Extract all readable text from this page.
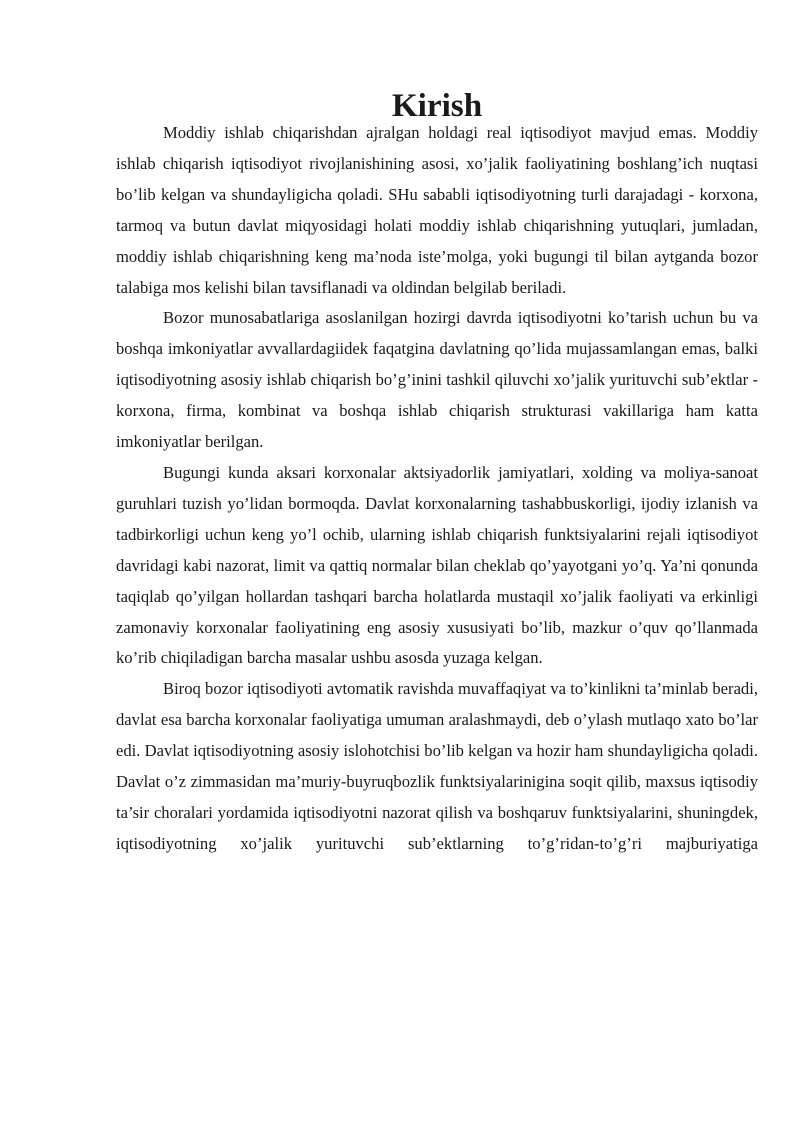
Kirish

Moddiy ishlab chiqarishdan ajralgan holdagi real iqtisodiyot mavjud emas. Moddiy ishlab chiqarish iqtisodiyot rivojlanishining asosi, xo’jalik faoliyatining boshlang’ich nuqtasi bo’lib kelgan va shundayligicha qoladi. SHu sababli iqtisodiyotning turli darajadagi - korxona, tarmoq va butun davlat miqyosidagi holati moddiy ishlab chiqarishning yutuqlari, jumladan, moddiy ishlab chiqarishning keng ma’noda iste’molga, yoki bugungi til bilan aytganda bozor talabiga mos kelishi bilan tavsiflanadi va oldindan belgilab beriladi.

Bozor munosabatlariga asoslanilgan hozirgi davrda iqtisodiyotni ko’tarish uchun bu va boshqa imkoniyatlar avvallardagiidek faqatgina davlatning qo’lida mujassamlangan emas, balki iqtisodiyotning asosiy ishlab chiqarish bo’g’inini tashkil qiluvchi xo’jalik yurituvchi sub’ektlar - korxona, firma, kombinat va boshqa ishlab chiqarish strukturasi vakillariga ham katta imkoniyatlar berilgan.

Bugungi kunda aksari korxonalar aktsiyadorlik jamiyatlari, xolding va moliya-sanoat guruhlari tuzish yo’lidan bormoqda. Davlat korxonalarning tashabbuskorligi, ijodiy izlanish va tadbirkorligi uchun keng yo’l ochib, ularning ishlab chiqarish funktsiyalarini rejali iqtisodiyot davridagi kabi nazorat, limit va qattiq normalar bilan cheklab qo’yayotgani yo’q. Ya’ni qonunda taqiqlab qo’yilgan hollardan tashqari barcha holatlarda mustaqil xo’jalik faoliyati va erkinligi zamonaviy korxonalar faoliyatining eng asosiy xususiyati bo’lib, mazkur o’quv qo’llanmada ko’rib chiqiladigan barcha masalar ushbu asosda yuzaga kelgan.

Biroq bozor iqtisodiyoti avtomatik ravishda muvaffaqiyat va to’kinlikni ta’minlab beradi, davlat esa barcha korxonalar faoliyatiga umuman aralashmaydi, deb o’ylash mutlaqo xato bo’lar edi. Davlat iqtisodiyotning asosiy islohotchisi bo’lib kelgan va hozir ham shundayligicha qoladi. Davlat o’z zimmasidan ma’muriy-buyruqbozlik funktsiyalarinigina soqit qilib, maxsus iqtisodiy ta’sir choralari yordamida iqtisodiyotni nazorat qilish va boshqaruv funktsiyalarini, shuningdek, iqtisodiyotning xo’jalik yurituvchi sub’ektlarning to’g’ridan-to’g’ri majburiyatiga
